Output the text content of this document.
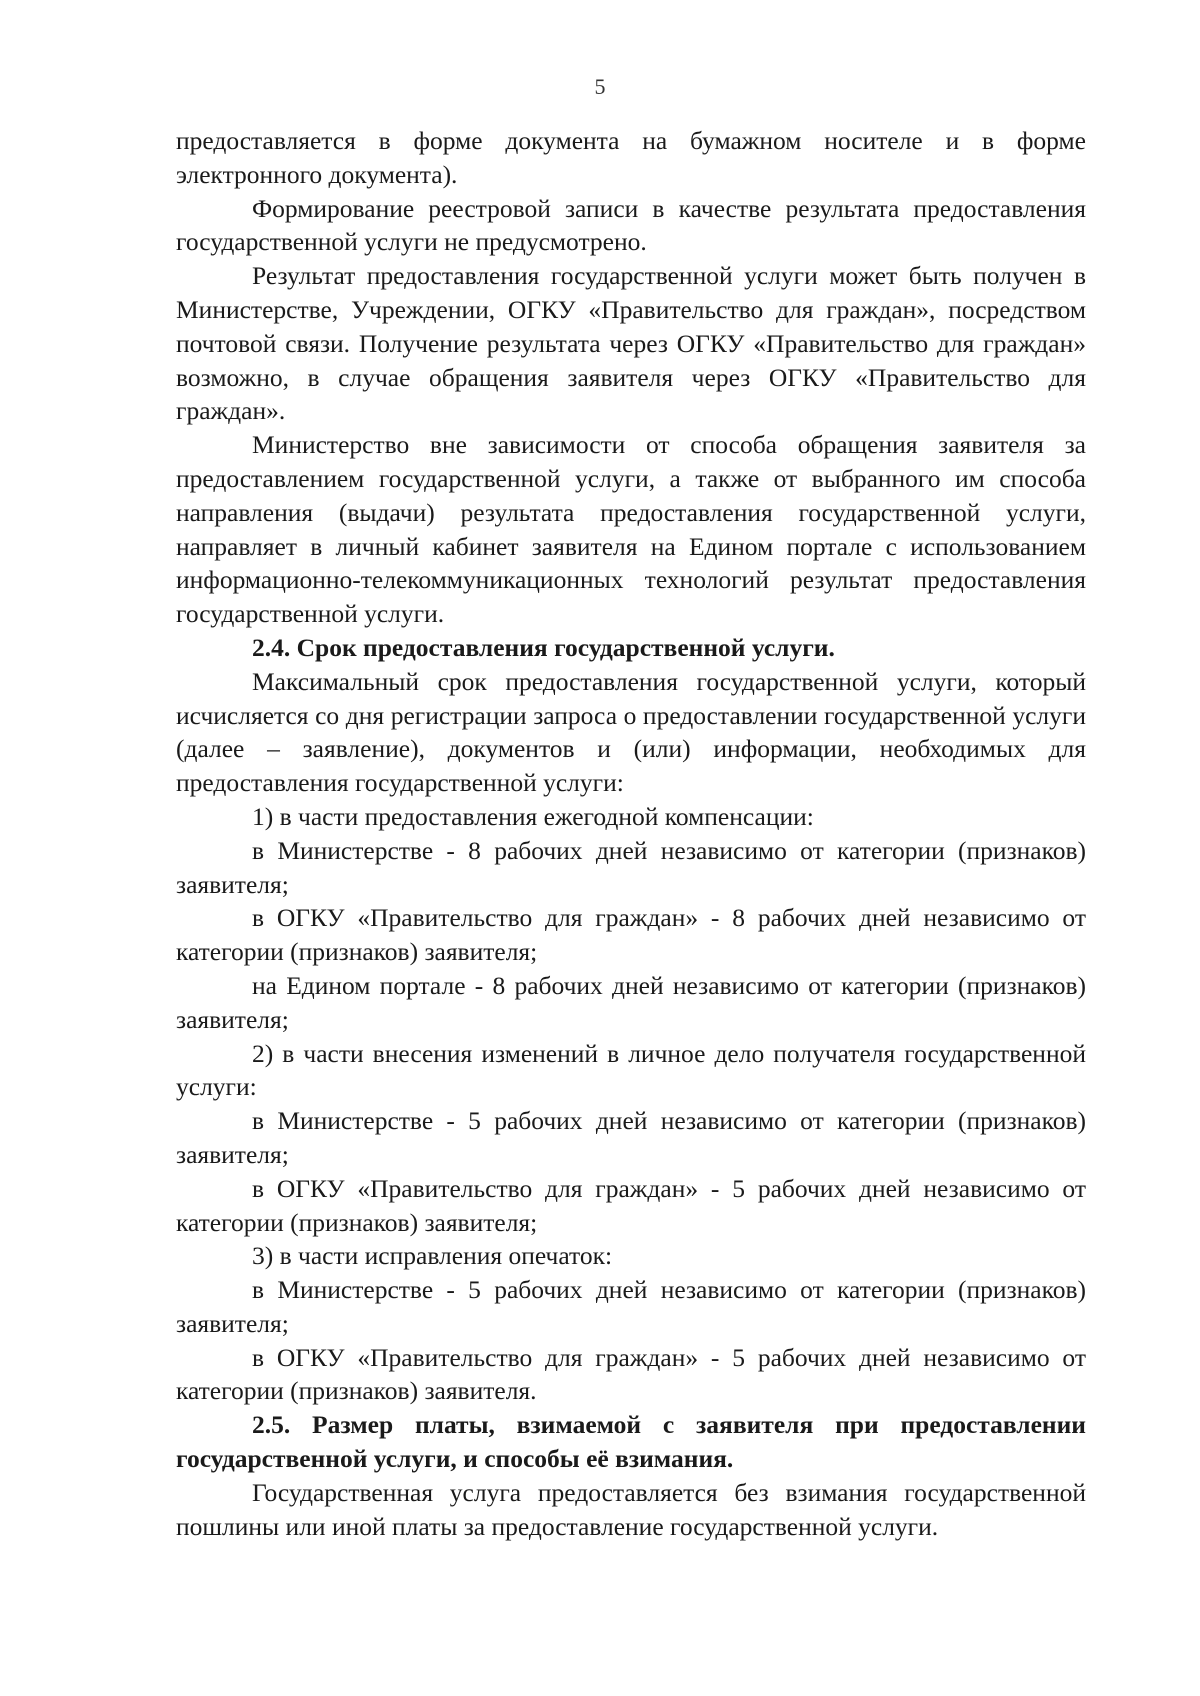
5

предоставляется в форме документа на бумажном носителе и в форме электронного документа).

Формирование реестровой записи в качестве результата предоставления государственной услуги не предусмотрено.

Результат предоставления государственной услуги может быть получен в Министерстве, Учреждении, ОГКУ «Правительство для граждан», посредством почтовой связи. Получение результата через ОГКУ «Правительство для граждан» возможно, в случае обращения заявителя через ОГКУ «Правительство для граждан».

Министерство вне зависимости от способа обращения заявителя за предоставлением государственной услуги, а также от выбранного им способа направления (выдачи) результата предоставления государственной услуги, направляет в личный кабинет заявителя на Едином портале с использованием информационно-телекоммуникационных технологий результат предоставления государственной услуги.

2.4. Срок предоставления государственной услуги.

Максимальный срок предоставления государственной услуги, который исчисляется со дня регистрации запроса о предоставлении государственной услуги (далее – заявление), документов и (или) информации, необходимых для предоставления государственной услуги:

1) в части предоставления ежегодной компенсации:

в Министерстве - 8 рабочих дней независимо от категории (признаков) заявителя;

в ОГКУ «Правительство для граждан» - 8 рабочих дней независимо от категории (признаков) заявителя;

на Едином портале - 8 рабочих дней независимо от категории (признаков) заявителя;

2) в части внесения изменений в личное дело получателя государственной услуги:

в Министерстве - 5 рабочих дней независимо от категории (признаков) заявителя;

в ОГКУ «Правительство для граждан» - 5 рабочих дней независимо от категории (признаков) заявителя;

3) в части исправления опечаток:

в Министерстве - 5 рабочих дней независимо от категории (признаков) заявителя;

в ОГКУ «Правительство для граждан» - 5 рабочих дней независимо от категории (признаков) заявителя.

2.5. Размер платы, взимаемой с заявителя при предоставлении государственной услуги, и способы её взимания.

Государственная услуга предоставляется без взимания государственной пошлины или иной платы за предоставление государственной услуги.
